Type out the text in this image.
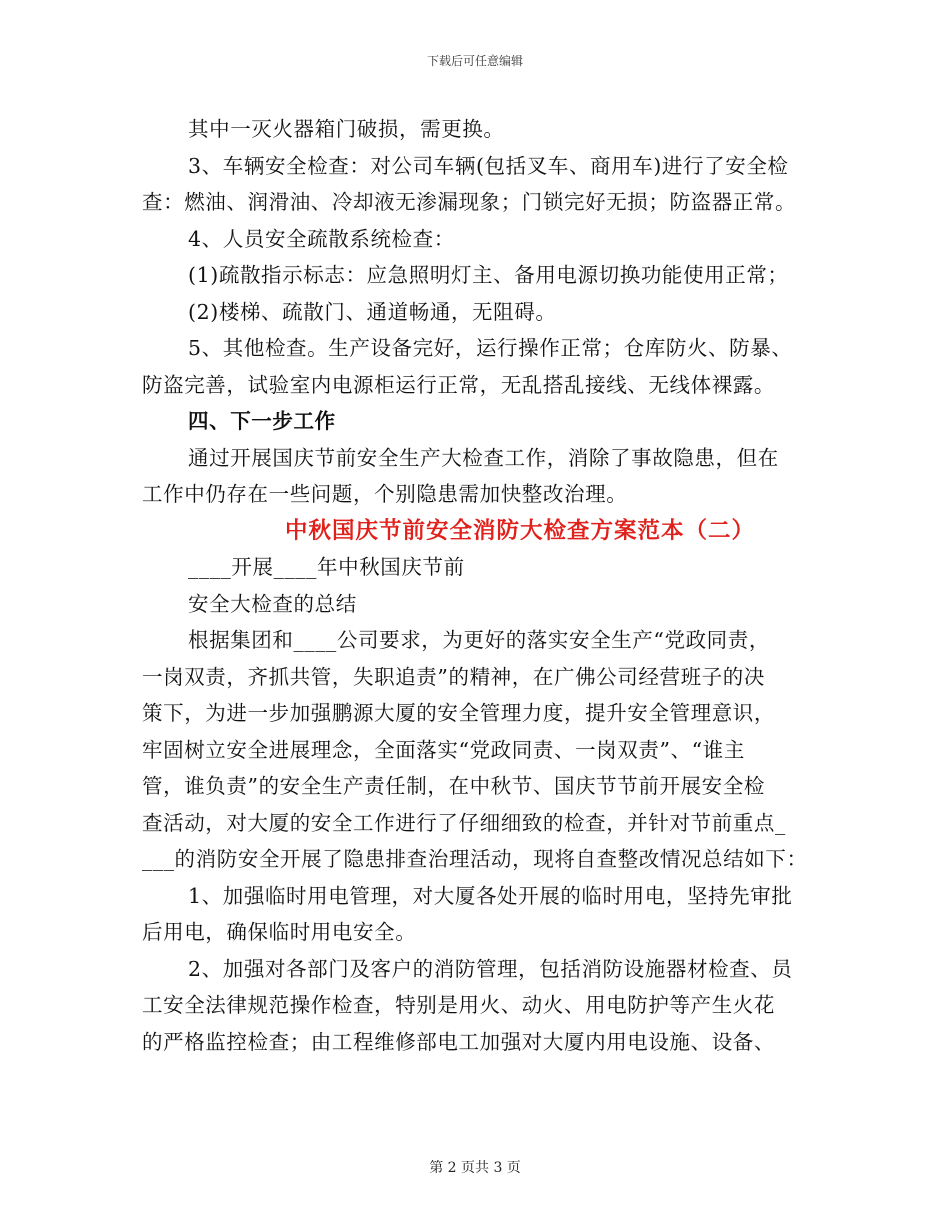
下载后可任意编辑
其中一灭火器箱门破损，需更换。
3、车辆安全检查：对公司车辆(包括叉车、商用车)进行了安全检
查：燃油、润滑油、冷却液无渗漏现象；门锁完好无损；防盗器正常。
4、人员安全疏散系统检查：
(1)疏散指示标志：应急照明灯主、备用电源切换功能使用正常；
(2)楼梯、疏散门、通道畅通，无阻碍。
5、其他检查。生产设备完好，运行操作正常；仓库防火、防暴、
防盗完善，试验室内电源柜运行正常，无乱搭乱接线、无线体裸露。
四、下一步工作
通过开展国庆节前安全生产大检查工作，消除了事故隐患，但在
工作中仍存在一些问题，个别隐患需加快整改治理。
中秋国庆节前安全消防大检查方案范本（二）
____开展____年中秋国庆节前
安全大检查的总结
根据集团和____公司要求，为更好的落实安全生产“党政同责，
一岗双责，齐抓共管，失职追责”的精神，在广佛公司经营班子的决
策下，为进一步加强鹏源大厦的安全管理力度，提升安全管理意识，
牢固树立安全进展理念，全面落实“党政同责、一岗双责”、“谁主
管，谁负责”的安全生产责任制，在中秋节、国庆节节前开展安全检
查活动，对大厦的安全工作进行了仔细细致的检查，并针对节前重点_
___的消防安全开展了隐患排查治理活动，现将自查整改情况总结如下：
1、加强临时用电管理，对大厦各处开展的临时用电，坚持先审批
后用电，确保临时用电安全。
2、加强对各部门及客户的消防管理，包括消防设施器材检查、员
工安全法律规范操作检查，特别是用火、动火、用电防护等产生火花
的严格监控检查；由工程维修部电工加强对大厦内用电设施、设备、
第 2 页共 3 页
